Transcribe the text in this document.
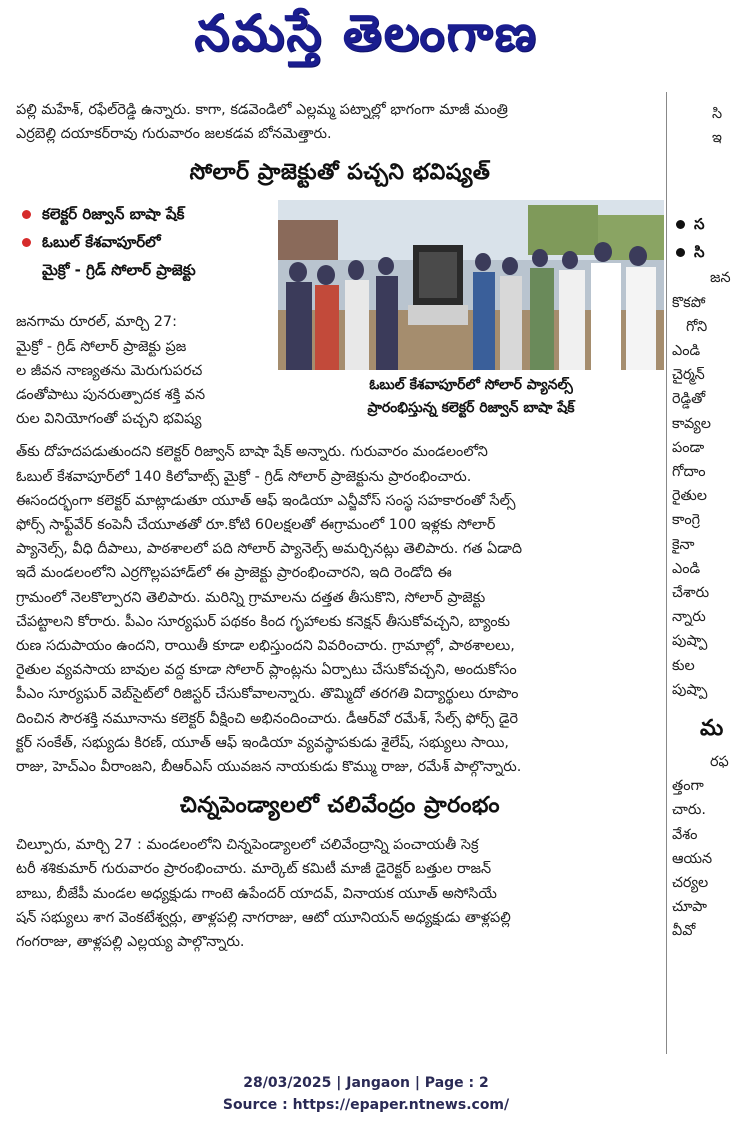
నమస్తే తెలంగాణ

పల్లి మహేశ్, రఫేల్‌రెడ్డి ఉన్నారు. కాగా, కడవెండిలో ఎల్లమ్మ పట్నాల్లో భాగంగా మాజీ మంత్రి

ఎర్రబెల్లి దయాకర్‌రావు గురువారం జలకడవ బోనమెత్తారు.

సోలార్ ప్రాజెక్టుతో పచ్చని భవిష్యత్
కలెక్టర్ రిజ్వాన్ బాషా షేక్
ఓబుల్ కేశవాపూర్‌లో
మైక్రో - గ్రిడ్ సోలార్ ప్రాజెక్టు

జనగామ రూరల్, మార్చి 27:

మైక్రో - గ్రిడ్ సోలార్ ప్రాజెక్టు ప్రజ

ల జీవన నాణ్యతను మెరుగుపరచ

డంతోపాటు పునరుత్పాదక శక్తి వన

రుల వినియోగంతో పచ్చని భవిష్య

ఓబుల్ కేశవాపూర్‌లో సోలార్ ప్యానల్స్
ప్రారంభిస్తున్న కలెక్టర్ రిజ్వాన్ బాషా షేక్

త్‌కు దోహదపడుతుందని కలెక్టర్ రిజ్వాన్ బాషా షేక్ అన్నారు. గురువారం మండలంలోని

ఓబుల్ కేశవాపూర్‌లో 140 కిలోవాట్స్ మైక్రో - గ్రిడ్ సోలార్ ప్రాజెక్టును ప్రారంభించారు.

ఈసందర్భంగా కలెక్టర్ మాట్లాడుతూ యూత్ ఆఫ్ ఇండియా ఎన్జీవోస్ సంస్థ సహకారంతో సేల్స్

ఫోర్స్ సాఫ్ట్‌వేర్ కంపెనీ చేయూతతో రూ.కోటి 60లక్షలతో ఈగ్రామంలో 100 ఇళ్లకు సోలార్

ప్యానెల్స్, వీధి దీపాలు, పాఠశాలలో పది సోలార్ ప్యానెల్స్ అమర్చినట్లు తెలిపారు. గత ఏడాది

ఇదే మండలంలోని ఎర్రగొల్లపహాడ్‌లో ఈ ప్రాజెక్టు ప్రారంభించారని, ఇది రెండోది ఈ

గ్రామంలో నెలకొల్పారని తెలిపారు. మరిన్ని గ్రామాలను దత్తత తీసుకొని, సోలార్ ప్రాజెక్టు

చేపట్టాలని కోరారు. పీఎం సూర్యఘర్ పథకం కింద గృహాలకు కనెక్షన్ తీసుకోవచ్చని, బ్యాంకు

రుణ సదుపాయం ఉందని, రాయితీ కూడా లభిస్తుందని వివరించారు. గ్రామాల్లో, పాఠశాలలు,

రైతుల వ్యవసాయ బావుల వద్ద కూడా సోలార్ ప్లాంట్లను ఏర్పాటు చేసుకోవచ్చని, అందుకోసం

పీఎం సూర్యఘర్ వెబ్‌సైట్‌లో రిజిస్టర్ చేసుకోవాలన్నారు. తొమ్మిదో తరగతి విద్యార్థులు రూపొం

దించిన సౌరశక్తి నమూనాను కలెక్టర్ వీక్షించి అభినందించారు. డీఆర్‌వో రమేశ్, సేల్స్ ఫోర్స్ డైరె

క్టర్ సంకేత్, సభ్యుడు కిరణ్, యూత్ ఆఫ్ ఇండియా వ్యవస్థాపకుడు శైలేష్, సభ్యులు సాయి,

రాజు, హెచ్‌ఎం వీరాంజని, బీఆర్‌ఎస్ యువజన నాయకుడు కొమ్ము రాజు, రమేశ్ పాల్గొన్నారు.

చిన్నపెండ్యాలలో చలివేంద్రం ప్రారంభం

చిల్పూరు, మార్చి 27 : మండలంలోని చిన్నపెండ్యాలలో చలివేంద్రాన్ని పంచాయతీ సెక్ర

టరీ శశికుమార్ గురువారం ప్రారంభించారు. మార్కెట్ కమిటీ మాజీ డైరెక్టర్ బత్తుల రాజన్

బాబు, బీజేపీ మండల అధ్యక్షుడు గాంటె ఉపేందర్ యాదవ్, వినాయక యూత్ అసోసియే

షన్ సభ్యులు శాగ వెంకటేశ్వర్లు, తాళ్లపల్లి నాగరాజు, ఆటో యూనియన్ అధ్యక్షుడు తాళ్లపల్లి

గంగరాజు, తాళ్లపల్లి ఎల్లయ్య పాల్గొన్నారు.

సి

ఇ

స
సి

జన

కొకపో

గోని

ఎండి

చైర్మన్

రెడ్డితో

కావ్యల

పండా

గోదాం

రైతుల

కాంగ్రె

కైనా

ఎండి

చేశారు

న్నారు

పుష్పా

కుల

పుష్పా

మ

రఫ

త్తంగా

చారు.

వేశం

ఆయన

చర్యల

చూపా

వీవో

28/03/2025 | Jangaon | Page : 2
Source : https://epaper.ntnews.com/
